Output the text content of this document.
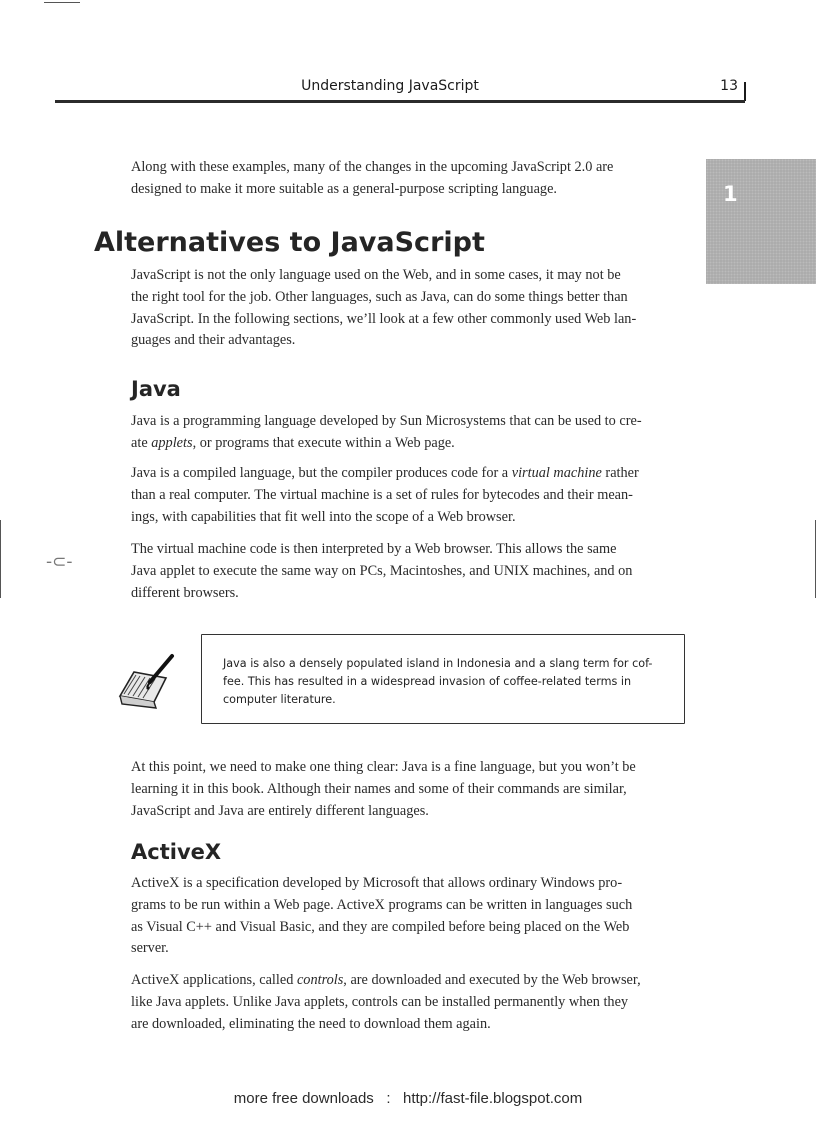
Understanding JavaScript	13
1
Along with these examples, many of the changes in the upcoming JavaScript 2.0 are
designed to make it more suitable as a general-purpose scripting language.
Alternatives to JavaScript
JavaScript is not the only language used on the Web, and in some cases, it may not be
the right tool for the job. Other languages, such as Java, can do some things better than
JavaScript. In the following sections, we’ll look at a few other commonly used Web lan-
guages and their advantages.
Java
Java is a programming language developed by Sun Microsystems that can be used to cre-
ate applets, or programs that execute within a Web page.
Java is a compiled language, but the compiler produces code for a virtual machine rather
than a real computer. The virtual machine is a set of rules for bytecodes and their mean-
ings, with capabilities that fit well into the scope of a Web browser.
The virtual machine code is then interpreted by a Web browser. This allows the same
Java applet to execute the same way on PCs, Macintoshes, and UNIX machines, and on
different browsers.
-⊂-
Java is also a densely populated island in Indonesia and a slang term for cof-
fee. This has resulted in a widespread invasion of coffee-related terms in
computer literature.
At this point, we need to make one thing clear: Java is a fine language, but you won’t be
learning it in this book. Although their names and some of their commands are similar,
JavaScript and Java are entirely different languages.
ActiveX
ActiveX is a specification developed by Microsoft that allows ordinary Windows pro-
grams to be run within a Web page. ActiveX programs can be written in languages such
as Visual C++ and Visual Basic, and they are compiled before being placed on the Web
server.
ActiveX applications, called controls, are downloaded and executed by the Web browser,
like Java applets. Unlike Java applets, controls can be installed permanently when they
are downloaded, eliminating the need to download them again.
more free downloads   :   http://fast-file.blogspot.com
